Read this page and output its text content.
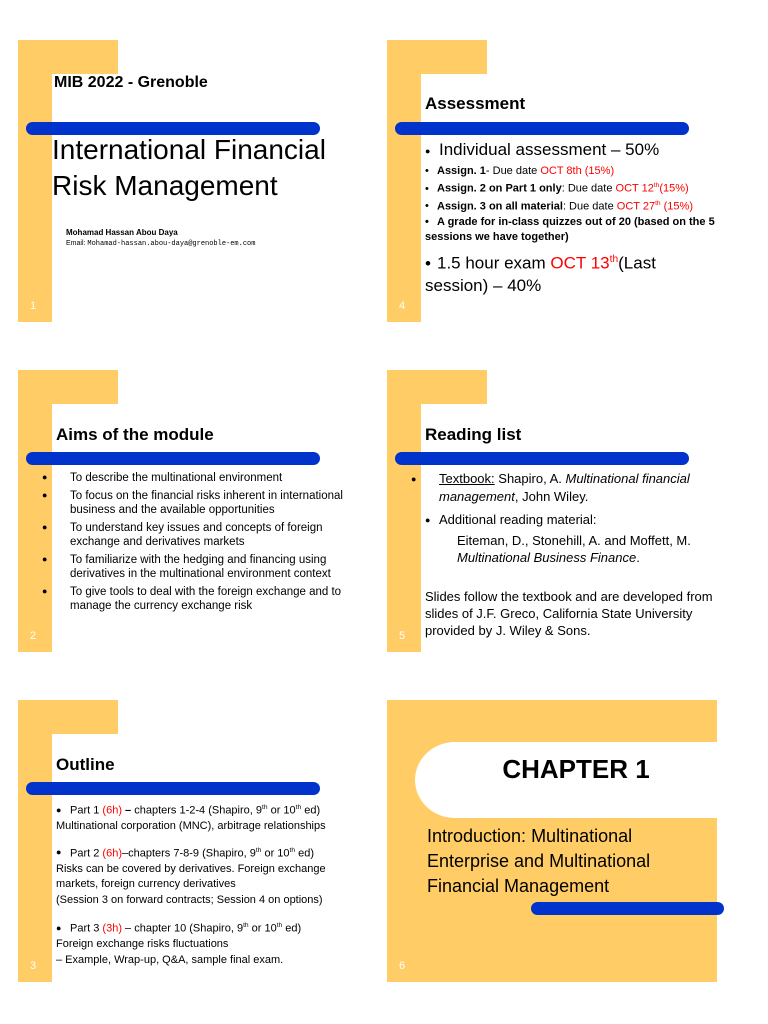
MIB 2022 - Grenoble
International Financial
Risk Management
Mohamad Hassan Abou Daya
Email: Mohamad-hassan.abou-daya@grenoble-em.com
1
Assessment
● Individual assessment – 50%
• Assign. 1- Due date OCT 8th (15%)
• Assign. 2 on Part 1 only: Due date OCT 12th(15%)
• Assign. 3 on all material: Due date OCT 27th (15%)
• A grade for in-class quizzes out of 20 (based on the 5 sessions we have together)
• 1.5 hour exam OCT 13th(Last session) – 40%
4
Aims of the module
● To describe the multinational environment
● To focus on the financial risks inherent in international business and the available opportunities
● To understand key issues and concepts of foreign exchange and derivatives markets
● To familiarize with the hedging and financing using derivatives in the multinational environment context
● To give tools to deal with the foreign exchange and to manage the currency exchange risk
2
Reading list
● Textbook: Shapiro, A. Multinational financial management, John Wiley.
● Additional reading material:
Eiteman, D., Stonehill, A. and Moffett, M.
Multinational Business Finance.
Slides follow the textbook and are developed from slides of J.F. Greco, California State University provided by J. Wiley & Sons.
5
Outline
● Part 1 (6h) – chapters 1-2-4 (Shapiro, 9th or 10th ed)
Multinational corporation (MNC), arbitrage relationships
● Part 2 (6h)–chapters 7-8-9 (Shapiro, 9th or 10th ed)
Risks can be covered by derivatives. Foreign exchange markets, foreign currency derivatives
(Session 3 on forward contracts; Session 4 on options)
● Part 3 (3h) – chapter 10 (Shapiro, 9th or 10th ed)
Foreign exchange risks fluctuations
– Example, Wrap-up, Q&A, sample final exam.
3
CHAPTER 1
Introduction: Multinational Enterprise and Multinational Financial Management
6
